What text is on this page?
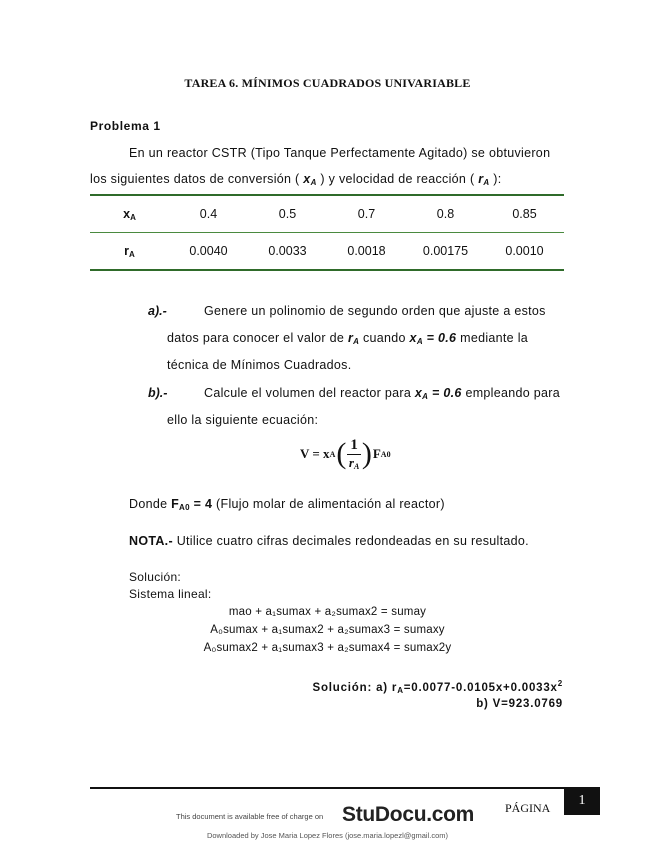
TAREA 6. MÍNIMOS CUADRADOS UNIVARIABLE
Problema 1
En un reactor CSTR (Tipo Tanque Perfectamente Agitado) se obtuvieron
los siguientes datos de conversión ( $x_A$ ) y velocidad de reacción ( $r_A$ ):
$x_A$	0.4	0.5	0.7	0.8	0.85
$r_A$	0.0040	0.0033	0.0018	0.00175	0.0010
a).-	Genere un polinomio de segundo orden que ajuste a estos
datos para conocer el valor de $r_A$ cuando $x_A = 0.6$ mediante la
técnica de Mínimos Cuadrados.
b).-	Calcule el volumen del reactor para $x_A = 0.6$ empleando para
ello la siguiente ecuación:
V = x A ( $\frac{1}{r_A}$ ) F A0
Donde $F_{A0} = 4$ (Flujo molar de alimentación al reactor)
NOTA.- Utilice cuatro cifras decimales redondeadas en su resultado.
Solución:
Sistema lineal:
mao + a₁sumax + a₂sumax2 = sumay
A₀sumax + a₁sumax2 + a₂sumax3 = sumaxy
A₀sumax2 + a₁sumax3 + a₂sumax4 = sumax2y
Solución: a) $r_A=0.0077-0.0105x+0.0033x^2$
b) V=923.0769
1
PÁGINA
This document is available free of charge on StuDocu.com
Downloaded by Jose Maria Lopez Flores (jose.maria.lopezl@gmail.com)
